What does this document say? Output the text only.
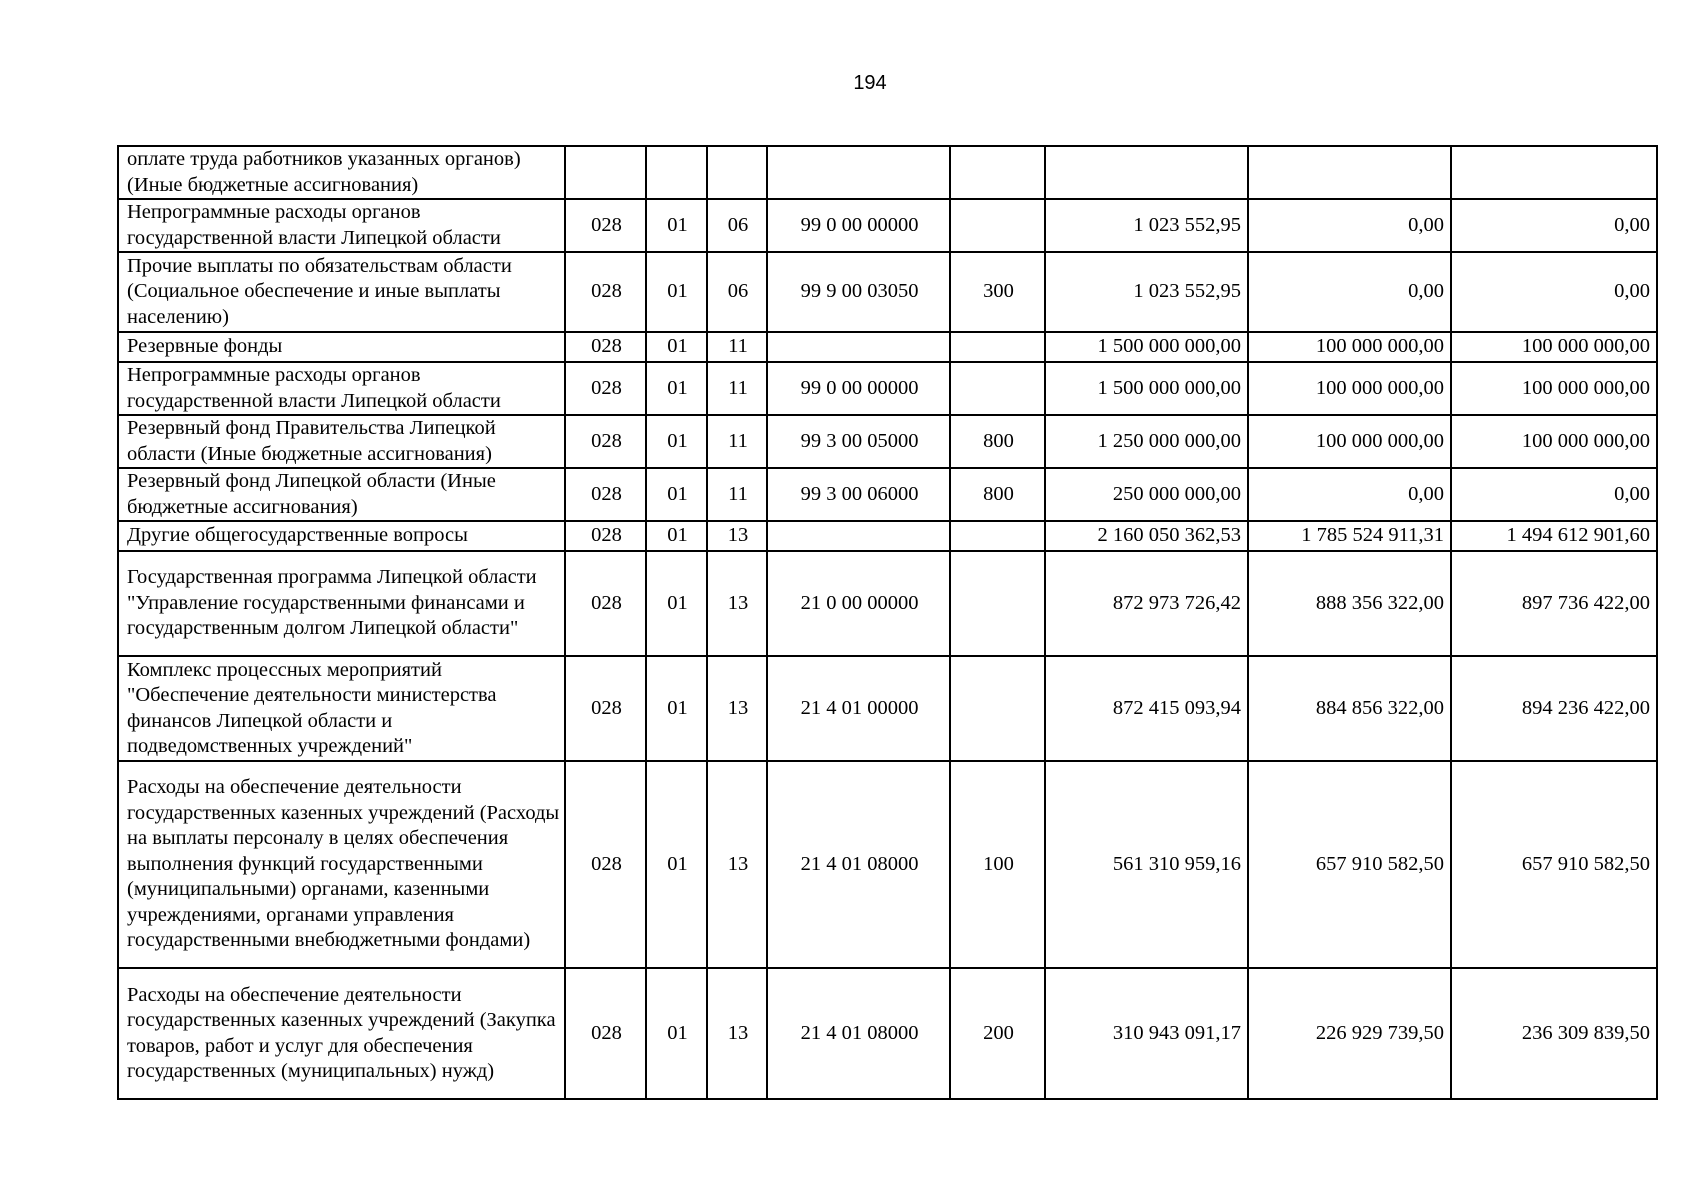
194
оплате труда работников указанных органов) (Иные бюджетные ассигнования)								
Непрограммные расходы органов государственной власти Липецкой области	028	01	06	99 0 00 00000		1 023 552,95	0,00	0,00
Прочие выплаты по обязательствам области (Социальное обеспечение и иные выплаты населению)	028	01	06	99 9 00 03050	300	1 023 552,95	0,00	0,00
Резервные фонды	028	01	11			1 500 000 000,00	100 000 000,00	100 000 000,00
Непрограммные расходы органов государственной власти Липецкой области	028	01	11	99 0 00 00000		1 500 000 000,00	100 000 000,00	100 000 000,00
Резервный фонд Правительства Липецкой области (Иные бюджетные ассигнования)	028	01	11	99 3 00 05000	800	1 250 000 000,00	100 000 000,00	100 000 000,00
Резервный фонд Липецкой области (Иные бюджетные ассигнования)	028	01	11	99 3 00 06000	800	250 000 000,00	0,00	0,00
Другие общегосударственные вопросы	028	01	13			2 160 050 362,53	1 785 524 911,31	1 494 612 901,60
Государственная программа Липецкой области "Управление государственными финансами и государственным долгом Липецкой области"	028	01	13	21 0 00 00000		872 973 726,42	888 356 322,00	897 736 422,00
Комплекс процессных мероприятий "Обеспечение деятельности министерства финансов Липецкой области и подведомственных учреждений"	028	01	13	21 4 01 00000		872 415 093,94	884 856 322,00	894 236 422,00
Расходы на обеспечение деятельности государственных казенных учреждений (Расходы на выплаты персоналу в целях обеспечения выполнения функций государственными (муниципальными) органами, казенными учреждениями, органами управления государственными внебюджетными фондами)	028	01	13	21 4 01 08000	100	561 310 959,16	657 910 582,50	657 910 582,50
Расходы на обеспечение деятельности государственных казенных учреждений (Закупка товаров, работ и услуг для обеспечения государственных (муниципальных) нужд)	028	01	13	21 4 01 08000	200	310 943 091,17	226 929 739,50	236 309 839,50
